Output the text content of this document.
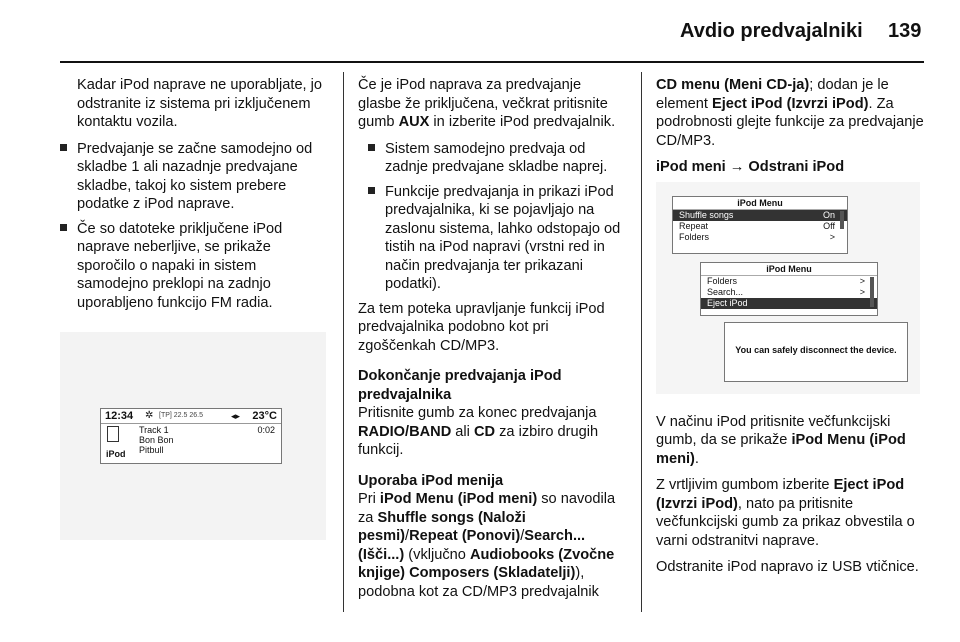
Avdio predvajalniki 139

Kadar iPod naprave ne uporabljate, jo odstranite iz sistema pri izključenem kontaktu vozila.

Predvajanje se začne samodejno od skladbe 1 ali nazadnje predvajane skladbe, takoj ko sistem prebere podatke z iPod naprave.
Če so datoteke priključene iPod naprave neberljive, se prikaže sporočilo o napaki in sistem samodejno preklopi na zadnjo uporabljeno funkcijo FM radia.
12:34 ✲ [TP] 22.5 26.5	◂▸ 23°C
iPod
Track 1
Bon Bon
Pitbull
0:02

Če je iPod naprava za predvajanje glasbe že priključena, večkrat pritisnite gumb AUX in izberite iPod predvajalnik.

Sistem samodejno predvaja od zadnje predvajane skladbe naprej.
Funkcije predvajanja in prikazi iPod predvajalnika, ki se pojavljajo na zaslonu sistema, lahko odstopajo od tistih na iPod napravi (vrstni red in način predvajanja ter prikazani podatki).

Za tem poteka upravljanje funkcij iPod predvajalnika podobno kot pri zgoščenkah CD/MP3.

Dokončanje predvajanja iPod predvajalnika

Pritisnite gumb za konec predvajanja RADIO/BAND ali CD za izbiro drugih funkcij.

Uporaba iPod menija

Pri iPod Menu (iPod meni) so navodila za Shuffle songs (Naloži pesmi)/Repeat (Ponovi)/Search... (Išči...) (vključno Audiobooks (Zvočne knjige) Composers (Skladatelji)), podobna kot za CD/MP3 predvajalnik

CD menu (Meni CD-ja); dodan je le element Eject iPod (Izvrzi iPod). Za podrobnosti glejte funkcije za predvajanje CD/MP3.

iPod meni → Odstrani iPod

V načinu iPod pritisnite večfunkcijski gumb, da se prikaže iPod Menu (iPod meni).

Z vrtljivim gumbom izberite Eject iPod (Izvrzi iPod), nato pa pritisnite večfunkcijski gumb za prikaz obvestila o varni odstranitvi naprave.

Odstranite iPod napravo iz USB vtičnice.

iPod Menu
Shuffle songs	On
Repeat	Off
Folders	>
iPod Menu
Folders	>
Search...	>
Eject iPod
You can safely disconnect the device.
